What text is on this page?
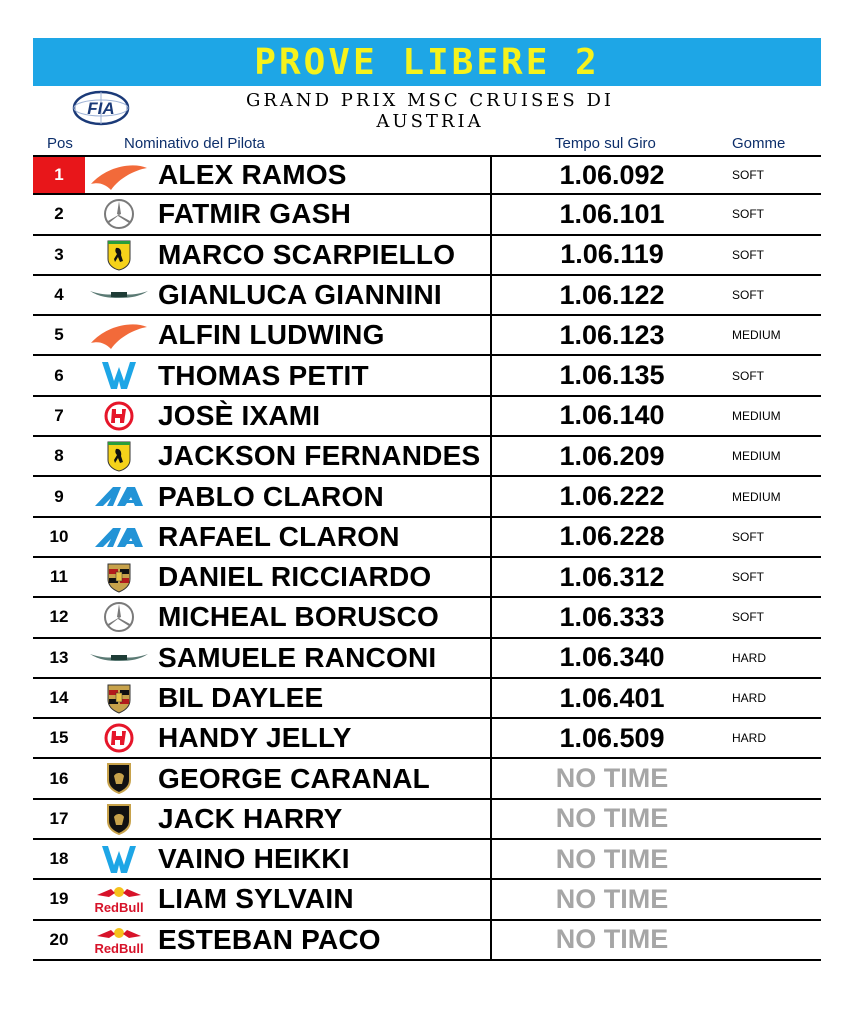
PROVE LIBERE 2
FIA	GRAND PRIX MSC CRUISES DI AUSTRIA
Pos	Nominativo del Pilota	Tempo sul Giro	Gomme
1	ALEX RAMOS	1.06.092	SOFT
2	FATMIR GASH	1.06.101	SOFT
3	MARCO SCARPIELLO	1.06.119	SOFT
4	GIANLUCA GIANNINI	1.06.122	SOFT
5	ALFIN LUDWING	1.06.123	MEDIUM
6	THOMAS PETIT	1.06.135	SOFT
7	JOSÈ IXAMI	1.06.140	MEDIUM
8	JACKSON FERNANDES	1.06.209	MEDIUM
9	PABLO CLARON	1.06.222	MEDIUM
10	RAFAEL CLARON	1.06.228	SOFT
11	DANIEL RICCIARDO	1.06.312	SOFT
12	MICHEAL BORUSCO	1.06.333	SOFT
13	SAMUELE RANCONI	1.06.340	HARD
14	BIL DAYLEE	1.06.401	HARD
15	HANDY JELLY	1.06.509	HARD
16	GEORGE CARANAL	NO TIME
17	JACK HARRY	NO TIME
18	VAINO HEIKKI	NO TIME
19	RedBull LIAM SYLVAIN	NO TIME
20	RedBull ESTEBAN PACO	NO TIME
